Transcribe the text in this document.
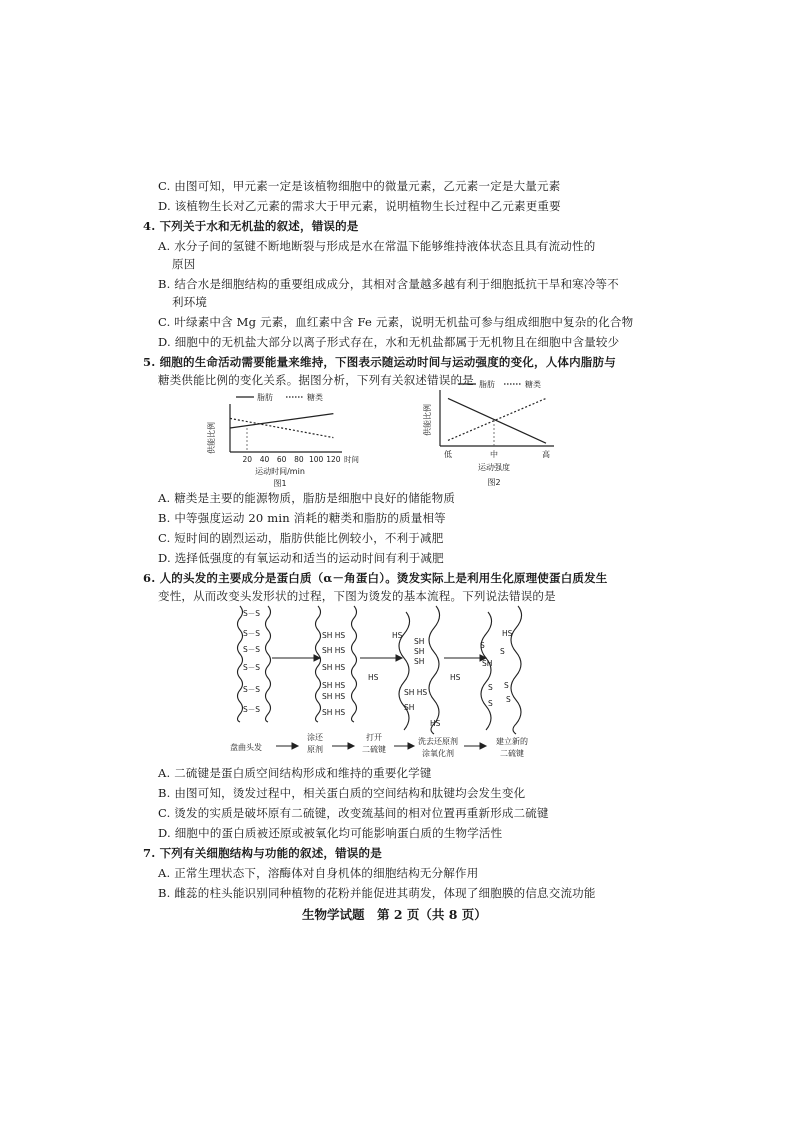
C. 由图可知，甲元素一定是该植物细胞中的微量元素，乙元素一定是大量元素
D. 该植物生长对乙元素的需求大于甲元素，说明植物生长过程中乙元素更重要
4. 下列关于水和无机盐的叙述，错误的是
A. 水分子间的氢键不断地断裂与形成是水在常温下能够维持液体状态且具有流动性的
原因
B. 结合水是细胞结构的重要组成成分，其相对含量越多越有利于细胞抵抗干旱和寒冷等不
利环境
C. 叶绿素中含 Mg 元素，血红素中含 Fe 元素，说明无机盐可参与组成细胞中复杂的化合物
D. 细胞中的无机盐大部分以离子形式存在，水和无机盐都属于无机物且在细胞中含量较少
5. 细胞的生命活动需要能量来维持，下图表示随运动时间与运动强度的变化，人体内脂肪与
糖类供能比例的变化关系。据图分析，下列有关叙述错误的是
脂肪	糖类
供能比例
20 40 60 80 100 120 时间
运动时间/min
图1
脂肪	糖类
供能比例
低	中	高
运动强度
图2
A. 糖类是主要的能源物质，脂肪是细胞中良好的储能物质
B. 中等强度运动 20 min 消耗的糖类和脂肪的质量相等
C. 短时间的剧烈运动，脂肪供能比例较小，不利于减肥
D. 选择低强度的有氧运动和适当的运动时间有利于减肥
6. 人的头发的主要成分是蛋白质（α－角蛋白）。烫发实际上是利用生化原理使蛋白质发生
变性，从而改变头发形状的过程，下图为烫发的基本流程。下列说法错误的是
S－S
S－S
S－S
S－S
S－S
S－S
SH HS
SH HS
SH HS
SH HS
SH HS
SH HS
HS
SH
SH
SH
HS
SH HS
SH
HS
HS
S
S
SH
HS
S S
S S
盘曲头发
涂还
原剂
打开
二硫键
洗去还原剂
涂氧化剂
建立新的
二硫键
A. 二硫键是蛋白质空间结构形成和维持的重要化学键
B. 由图可知，烫发过程中，相关蛋白质的空间结构和肽键均会发生变化
C. 烫发的实质是破坏原有二硫键，改变巯基间的相对位置再重新形成二硫键
D. 细胞中的蛋白质被还原或被氧化均可能影响蛋白质的生物学活性
7. 下列有关细胞结构与功能的叙述，错误的是
A. 正常生理状态下，溶酶体对自身机体的细胞结构无分解作用
B. 雌蕊的柱头能识别同种植物的花粉并能促进其萌发，体现了细胞膜的信息交流功能
生物学试题　第 2 页（共 8 页）
